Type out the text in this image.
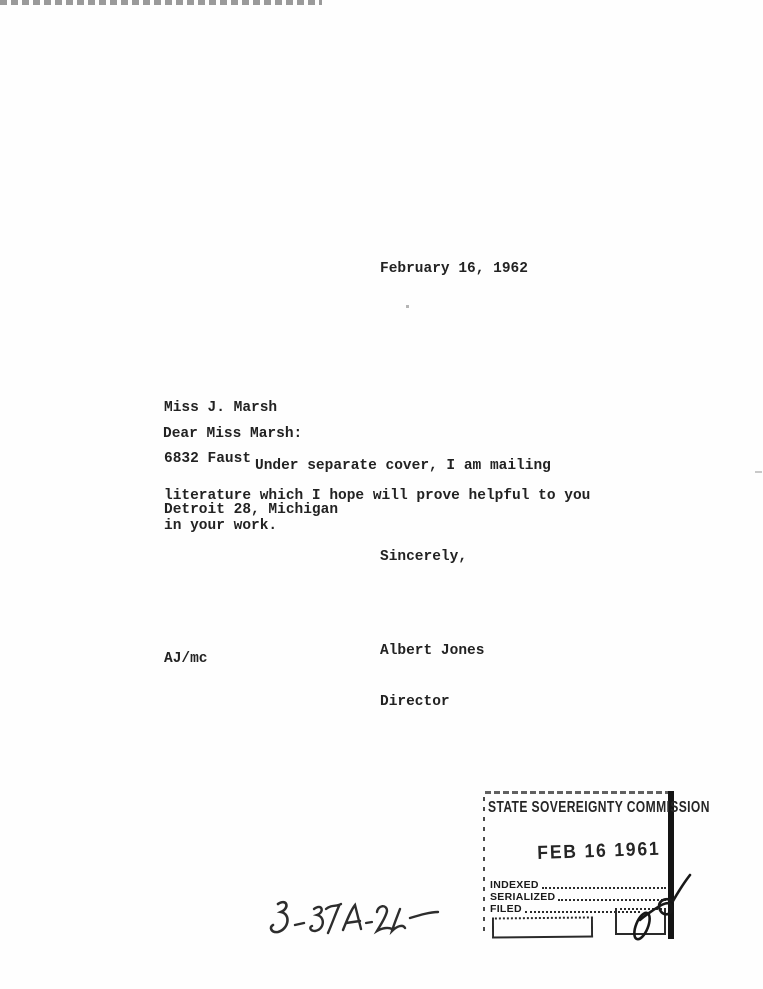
February 16, 1962

Miss J. Marsh

6832 Faust

Detroit 28, Michigan

Dear Miss Marsh:
Under separate cover, I am mailing
literature which I hope will prove helpful to you
in your work.
Sincerely,

Albert Jones

Director

AJ/mc
STATE SOVEREIGNTY COMMISSION
FEB 16 1961
INDEXED
SERIALIZED
FILED
